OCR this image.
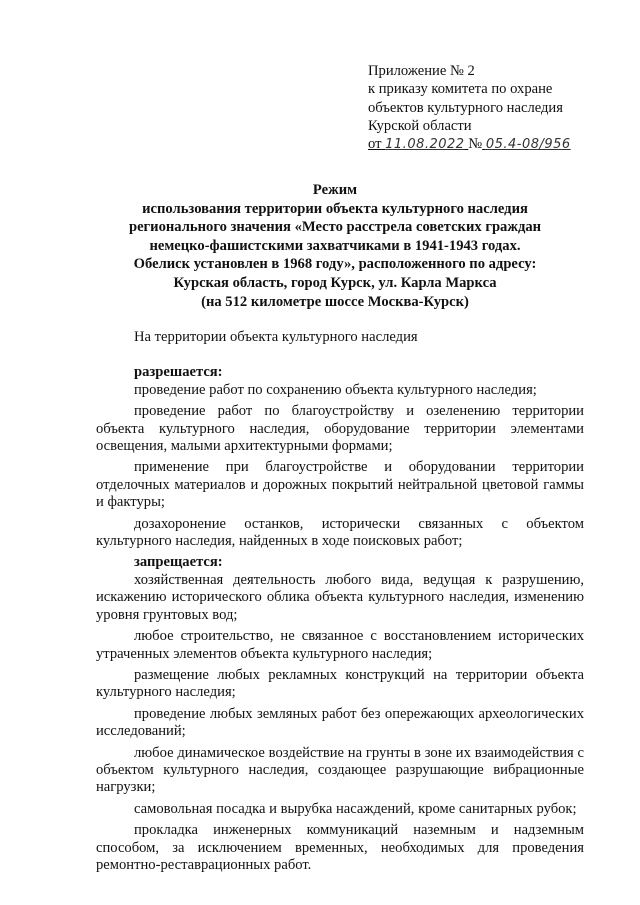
Приложение № 2
к приказу комитета по охране
объектов культурного наследия
Курской области
от 11.08.2022 № 05.4-08/956
Режим
использования территории объекта культурного наследия
регионального значения «Место расстрела советских граждан
немецко-фашистскими захватчиками в 1941-1943 годах.
Обелиск установлен в 1968 году», расположенного по адресу:
Курская область, город Курск, ул. Карла Маркса
(на 512 километре шоссе Москва-Курск)

На территории объекта культурного наследия

разрешается:

проведение работ по сохранению объекта культурного наследия;

проведение работ по благоустройству и озеленению территории объекта культурного наследия, оборудование территории элементами освещения, малыми архитектурными формами;

применение при благоустройстве и оборудовании территории отделочных материалов и дорожных покрытий нейтральной цветовой гаммы и фактуры;

дозахоронение останков, исторически связанных с объектом культурного наследия, найденных в ходе поисковых работ;

запрещается:

хозяйственная деятельность любого вида, ведущая к разрушению, искажению исторического облика объекта культурного наследия, изменению уровня грунтовых вод;

любое строительство, не связанное с восстановлением исторических утраченных элементов объекта культурного наследия;

размещение любых рекламных конструкций на территории объекта культурного наследия;

проведение любых земляных работ без опережающих археологических исследований;

любое динамическое воздействие на грунты в зоне их взаимодействия с объектом культурного наследия, создающее разрушающие вибрационные нагрузки;

самовольная посадка и вырубка насаждений, кроме санитарных рубок;

прокладка инженерных коммуникаций наземным и надземным способом, за исключением временных, необходимых для проведения ремонтно-реставрационных работ.
